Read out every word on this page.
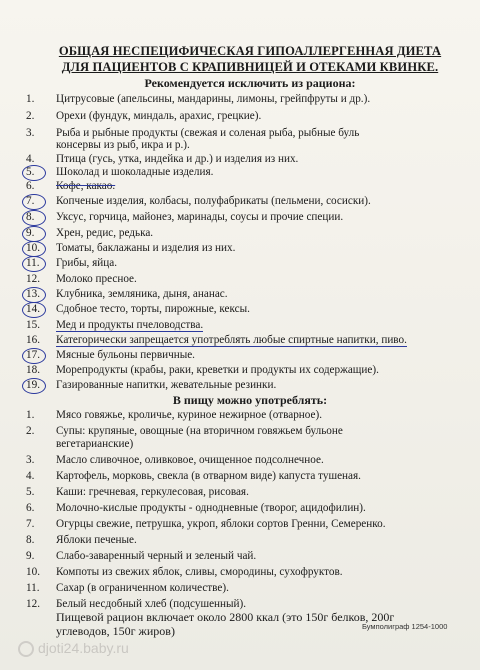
ОБЩАЯ НЕСПЕЦИФИЧЕСКАЯ ГИПОАЛЛЕРГЕННАЯ ДИЕТА
ДЛЯ ПАЦИЕНТОВ С КРАПИВНИЦЕЙ И ОТЕКАМИ КВИНКЕ.
Рекомендуется исключить из рациона:
1. Цитрусовые (апельсины, мандарины, лимоны, грейпфруты и др.).
2. Орехи (фундук, миндаль, арахис, грецкие).
3. Рыба и рыбные продукты (свежая и соленая рыба, рыбные буль
консервы из рыб, икра и р.).
4. Птица (гусь, утка, индейка и др.) и изделия из них.
5. Шоколад и шоколадные изделия.
6. Кофе, какао.
7. Копченые изделия, колбасы, полуфабрикаты (пельмени, сосиски).
8. Уксус, горчица, майонез, маринады, соусы и прочие специи.
9. Хрен, редис, редька.
10. Томаты, баклажаны и изделия из них.
11. Грибы, яйца.
12. Молоко пресное.
13. Клубника, земляника, дыня, ананас.
14. Сдобное тесто, торты, пирожные, кексы.
15. Мед и продукты пчеловодства.
16. Категорически запрещается употреблять любые спиртные напитки, пиво.
17. Мясные бульоны первичные.
18. Морепродукты (крабы, раки, креветки и продукты их содержащие).
19. Газированные напитки, жевательные резинки.
В пищу можно употреблять:
1. Мясо говяжье, кроличье, куриное нежирное (отварное).
2. Супы: крупяные, овощные (на вторичном говяжьем бульоне
вегетарианские)
3. Масло сливочное, оливковое, очищенное подсолнечное.
4. Картофель, морковь, свекла (в отварном виде) капуста тушеная.
5. Каши: гречневая, геркулесовая, рисовая.
6. Молочно-кислые продукты - однодневные (творог, ацидофилин).
7. Огурцы свежие, петрушка, укроп, яблоки сортов Гренни, Семеренко.
8. Яблоки печеные.
9. Слабо-заваренный черный и зеленый чай.
10. Компоты из свежих яблок, сливы, смородины, сухофруктов.
11. Сахар (в ограниченном количестве).
12. Белый несдобный хлеб (подсушенный).
Пищевой рацион включает около 2800 ккал (это 150г белков, 200г
углеводов, 150г жиров)	Бумполиграф 1254-1000
djoti24.baby.ru
